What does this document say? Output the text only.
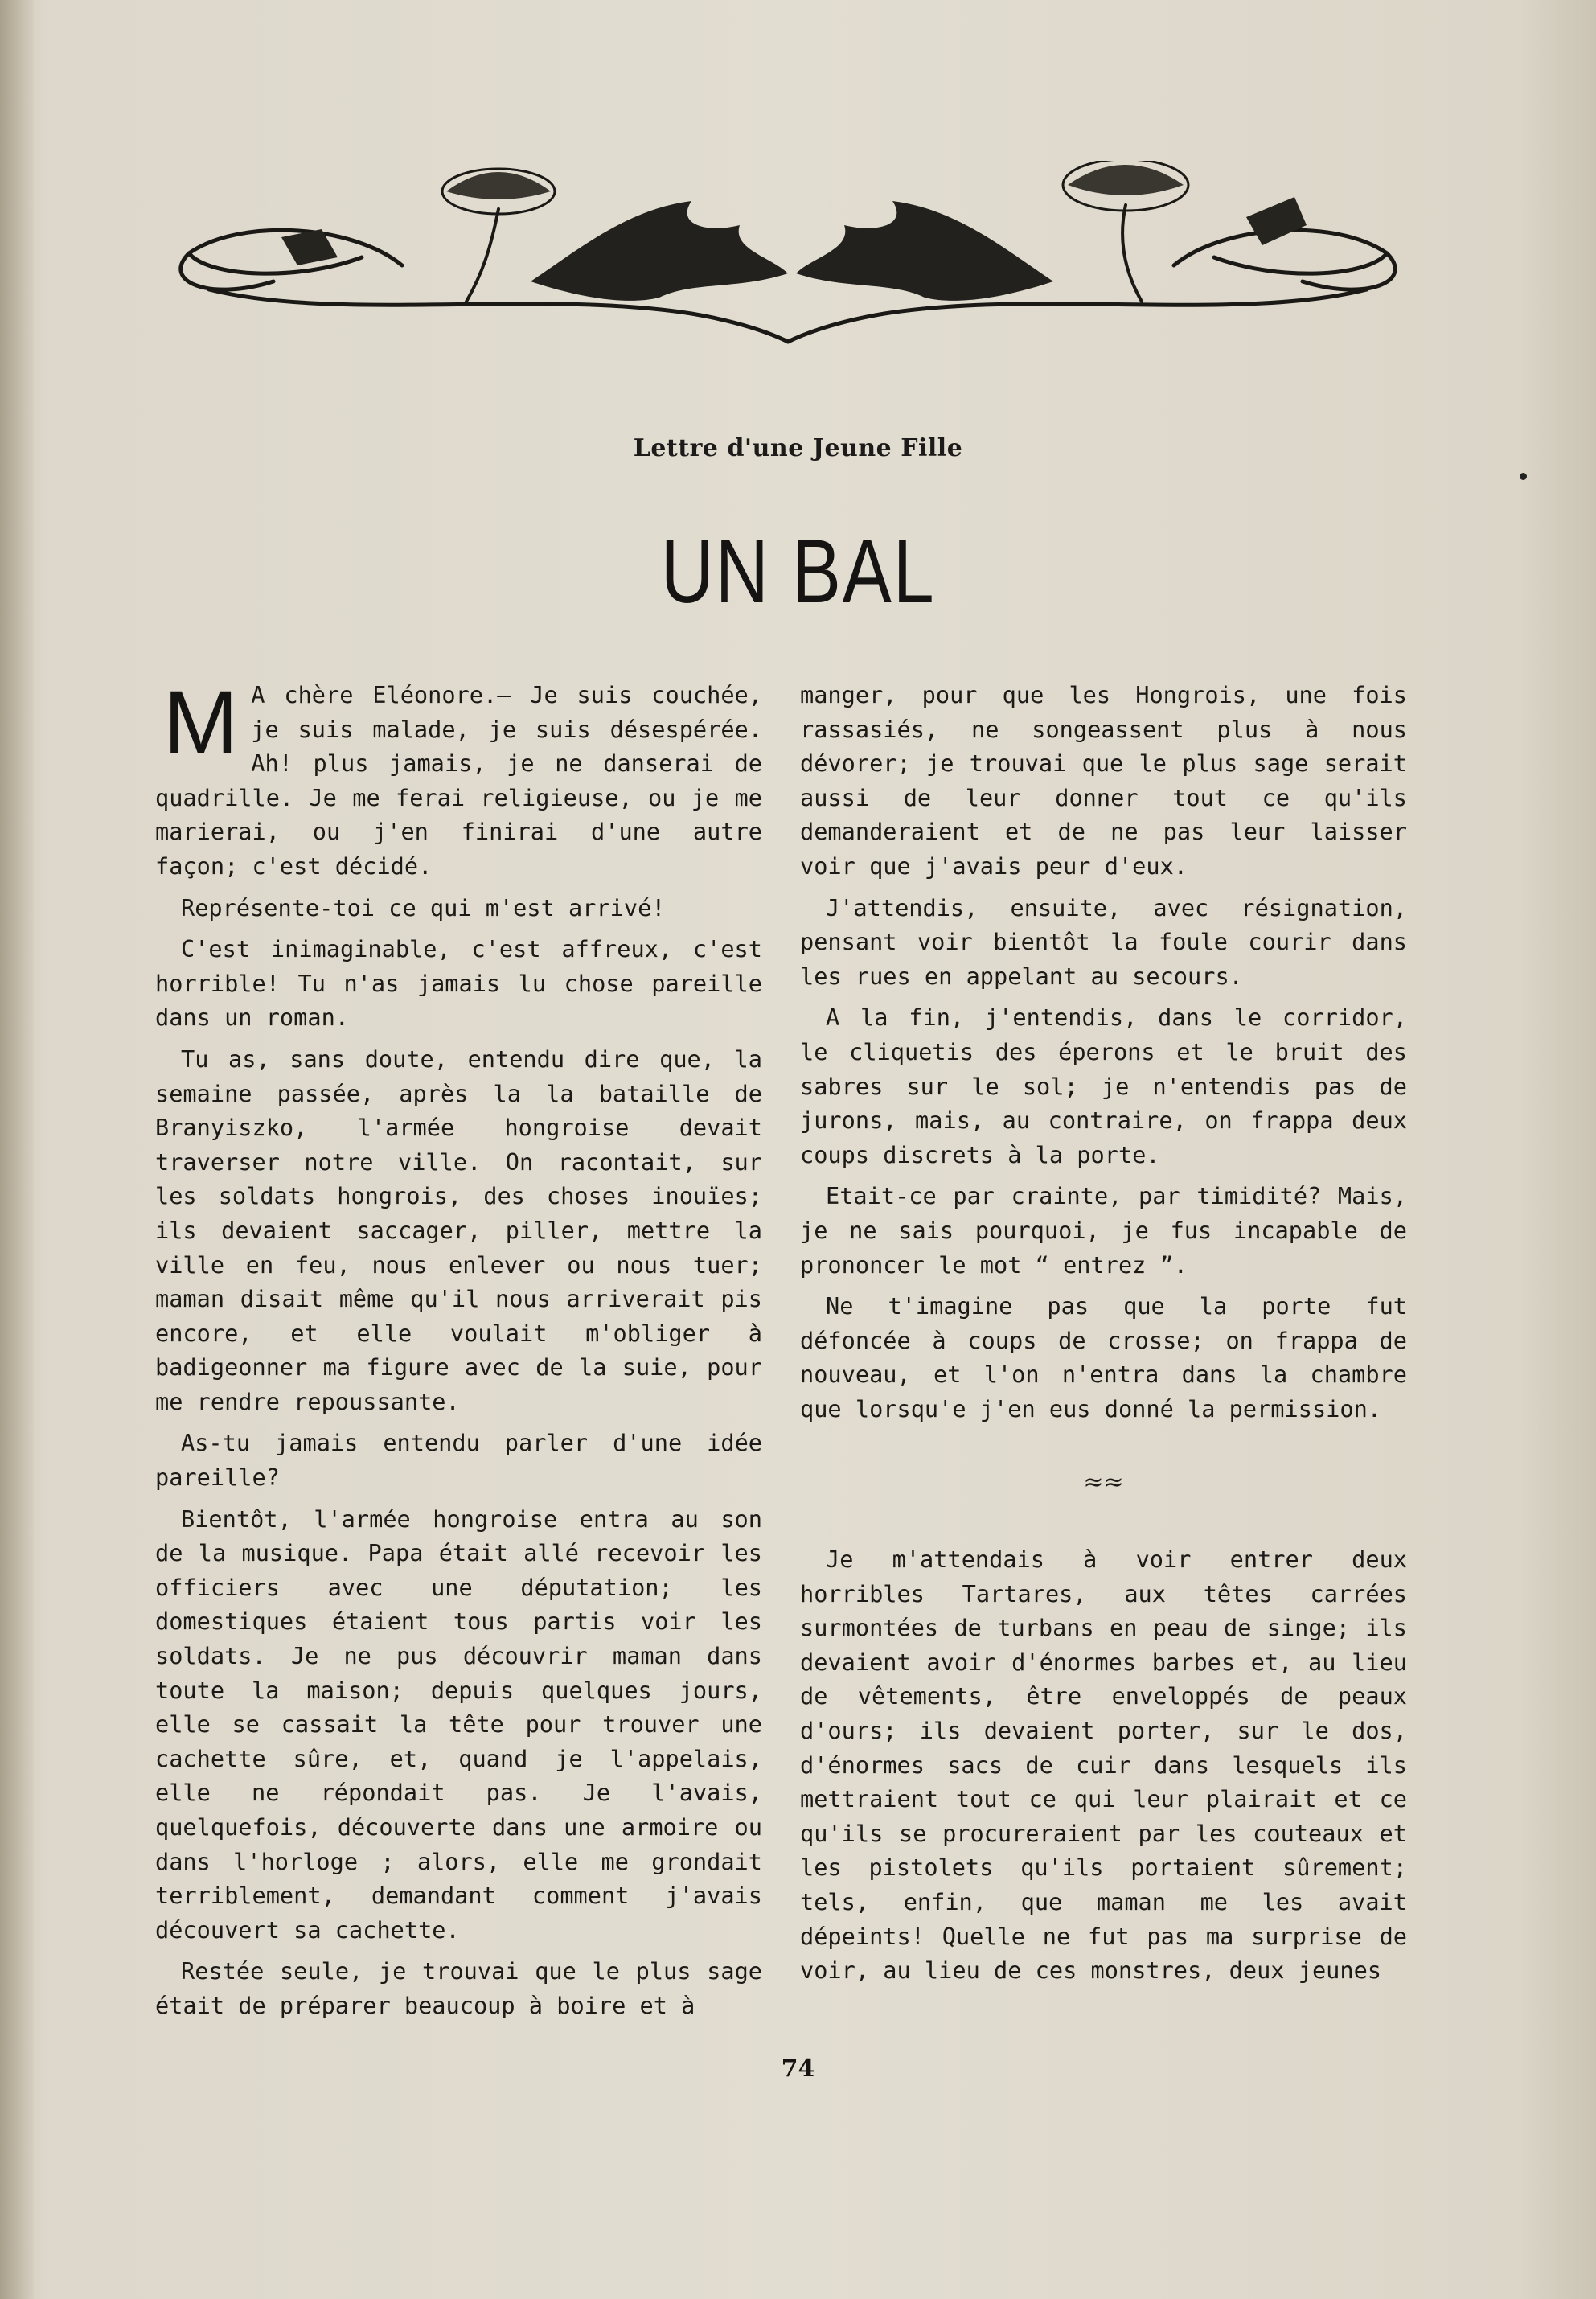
Lettre d'une Jeune Fille
UN BAL

M A chère Eléonore.— Je suis couchée, je suis malade, je suis désespérée. Ah! plus jamais, je ne danserai de quadrille. Je me ferai religieuse, ou je me marierai, ou j'en finirai d'une autre façon; c'est décidé.

Représente-toi ce qui m'est arrivé!

C'est inimaginable, c'est affreux, c'est horrible! Tu n'as jamais lu chose pareille dans un roman.

Tu as, sans doute, entendu dire que, la semaine passée, après la la bataille de Branyiszko, l'armée hongroise devait traverser notre ville. On racontait, sur les soldats hongrois, des choses inouïes; ils devaient saccager, piller, mettre la ville en feu, nous enlever ou nous tuer; maman disait même qu'il nous arriverait pis encore, et elle voulait m'obliger à badigeonner ma figure avec de la suie, pour me rendre repoussante.

As-tu jamais entendu parler d'une idée pareille?

Bientôt, l'armée hongroise entra au son de la musique. Papa était allé recevoir les officiers avec une députation; les domestiques étaient tous partis voir les soldats. Je ne pus découvrir maman dans toute la maison; depuis quelques jours, elle se cassait la tête pour trouver une cachette sûre, et, quand je l'appelais, elle ne répondait pas. Je l'avais, quelquefois, découverte dans une armoire ou dans l'horloge ; alors, elle me grondait terriblement, demandant comment j'avais découvert sa cachette.

Restée seule, je trouvai que le plus sage était de préparer beaucoup à boire et à

manger, pour que les Hongrois, une fois rassasiés, ne songeassent plus à nous dévorer; je trouvai que le plus sage serait aussi de leur donner tout ce qu'ils demanderaient et de ne pas leur laisser voir que j'avais peur d'eux.

J'attendis, ensuite, avec résignation, pensant voir bientôt la foule courir dans les rues en appelant au secours.

A la fin, j'entendis, dans le corridor, le cliquetis des éperons et le bruit des sabres sur le sol; je n'entendis pas de jurons, mais, au contraire, on frappa deux coups discrets à la porte.

Etait-ce par crainte, par timidité? Mais, je ne sais pourquoi, je fus incapable de prononcer le mot “ entrez ”.

Ne t'imagine pas que la porte fut défoncée à coups de crosse; on frappa de nouveau, et l'on n'entra dans la chambre que lorsqu'e j'en eus donné la permission.

≈≈

Je m'attendais à voir entrer deux horribles Tartares, aux têtes carrées surmontées de turbans en peau de singe; ils devaient avoir d'énormes barbes et, au lieu de vêtements, être enveloppés de peaux d'ours; ils devaient porter, sur le dos, d'énormes sacs de cuir dans lesquels ils mettraient tout ce qui leur plairait et ce qu'ils se procureraient par les couteaux et les pistolets qu'ils portaient sûrement; tels, enfin, que maman me les avait dépeints! Quelle ne fut pas ma surprise de voir, au lieu de ces monstres, deux jeunes

74
